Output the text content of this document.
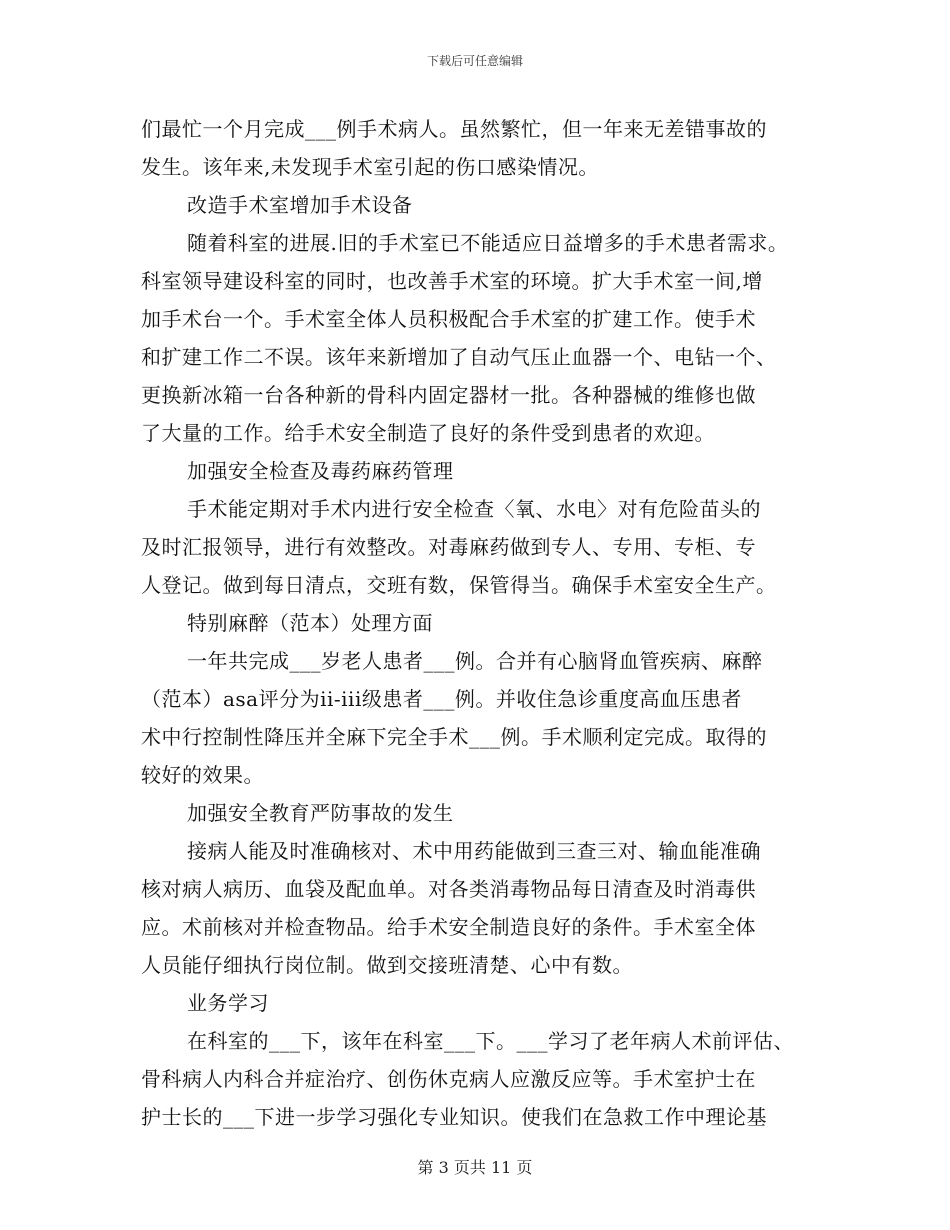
下载后可任意编辑
们最忙一个月完成___例手术病人。虽然繁忙，但一年来无差错事故的
发生。该年来,未发现手术室引起的伤口感染情况。
改造手术室增加手术设备
随着科室的进展.旧的手术室已不能适应日益增多的手术患者需求。
科室领导建设科室的同时，也改善手术室的环境。扩大手术室一间,增
加手术台一个。手术室全体人员积极配合手术室的扩建工作。使手术
和扩建工作二不误。该年来新增加了自动气压止血器一个、电钻一个、
更换新冰箱一台各种新的骨科内固定器材一批。各种器械的维修也做
了大量的工作。给手术安全制造了良好的条件受到患者的欢迎。
加强安全检查及毒药麻药管理
手术能定期对手术内进行安全检查〈氧、水电〉对有危险苗头的
及时汇报领导，进行有效整改。对毒麻药做到专人、专用、专柜、专
人登记。做到每日清点，交班有数，保管得当。确保手术室安全生产。
特别麻醉（范本）处理方面
一年共完成___岁老人患者___例。合并有心脑肾血管疾病、麻醉
（范本）asa评分为ii-iii级患者___例。并收住急诊重度高血压患者
术中行控制性降压并全麻下完全手术___例。手术顺利定完成。取得的
较好的效果。
加强安全教育严防事故的发生
接病人能及时准确核对、术中用药能做到三查三对、输血能准确
核对病人病历、血袋及配血单。对各类消毒物品每日清查及时消毒供
应。术前核对并检查物品。给手术安全制造良好的条件。手术室全体
人员能仔细执行岗位制。做到交接班清楚、心中有数。
业务学习
在科室的___下，该年在科室___下。___学习了老年病人术前评估、
骨科病人内科合并症治疗、创伤休克病人应激反应等。手术室护士在
护士长的___下进一步学习强化专业知识。使我们在急救工作中理论基
第 3 页共 11 页
